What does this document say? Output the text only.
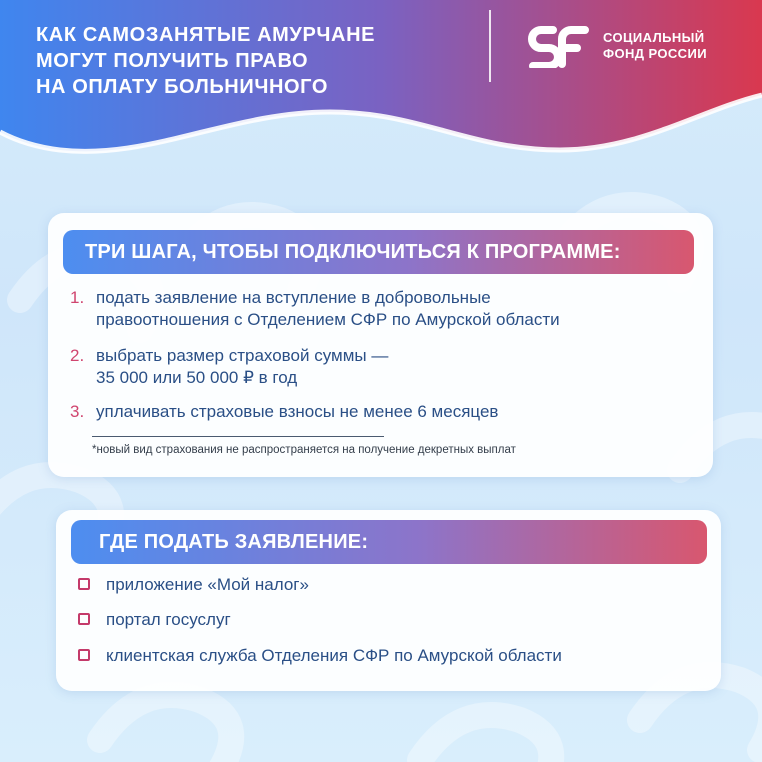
КАК САМОЗАНЯТЫЕ АМУРЧАНЕ
МОГУТ ПОЛУЧИТЬ ПРАВО
НА ОПЛАТУ БОЛЬНИЧНОГО
СОЦИАЛЬНЫЙ
ФОНД РОССИИ
ТРИ ШАГА, ЧТОБЫ ПОДКЛЮЧИТЬСЯ К ПРОГРАММЕ:
1. подать заявление на вступление в добровольные
правоотношения с Отделением СФР по Амурской области
2. выбрать размер страховой суммы —
35 000 или 50 000 ₽ в год
3. уплачивать страховые взносы не менее 6 месяцев
*новый вид страхования не распространяется на получение декретных выплат
ГДЕ ПОДАТЬ ЗАЯВЛЕНИЕ:
приложение «Мой налог»
портал госуслуг
клиентская служба Отделения СФР по Амурской области
